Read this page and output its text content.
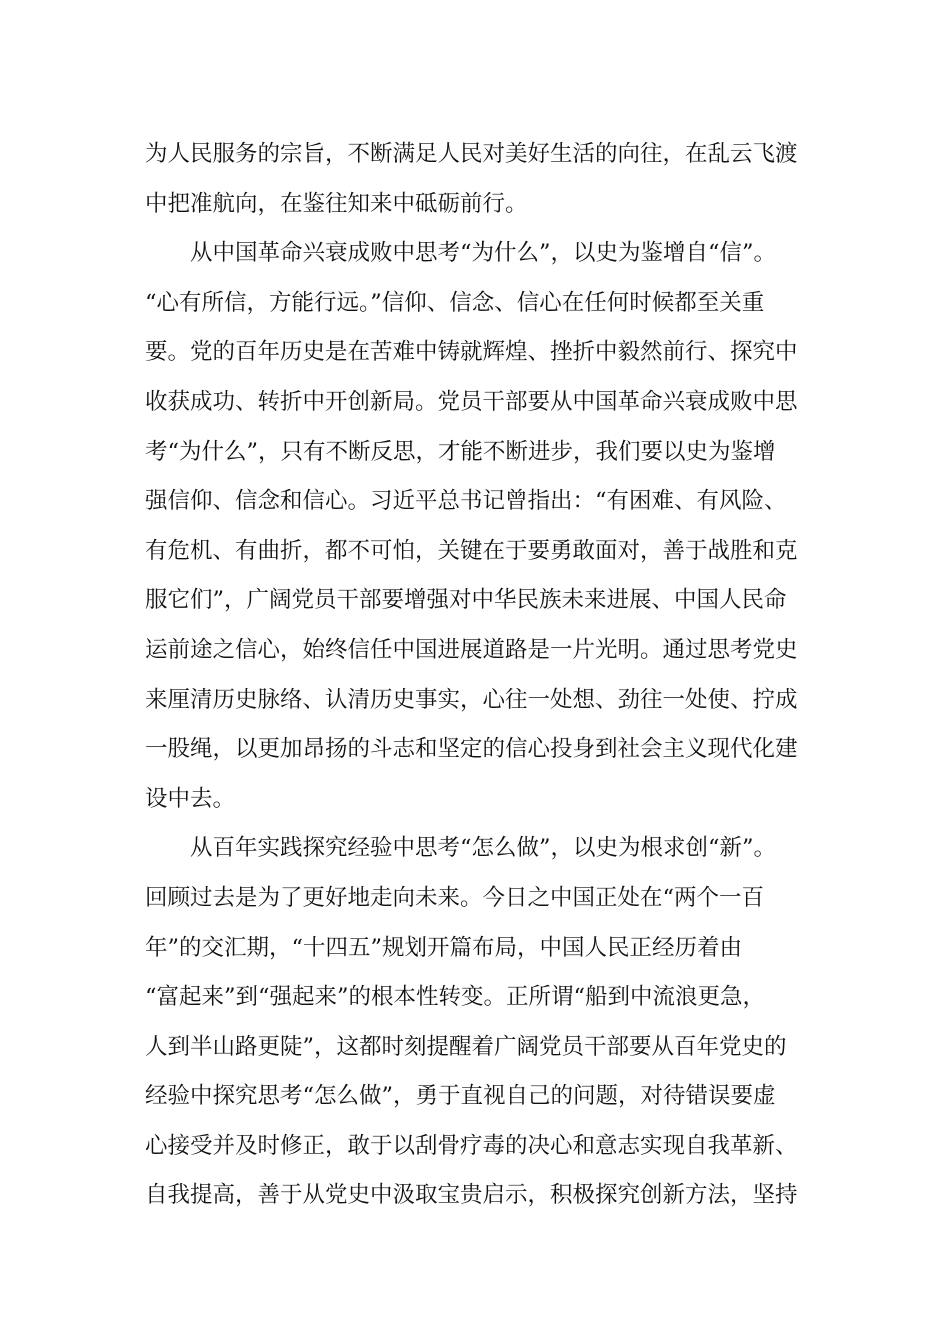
为人民服务的宗旨，不断满足人民对美好生活的向往，在乱云飞渡
中把准航向，在鉴往知来中砥砺前行。
从中国革命兴衰成败中思考“为什么”，以史为鉴增自“信”。
“心有所信，方能行远。”信仰、信念、信心在任何时候都至关重
要。党的百年历史是在苦难中铸就辉煌、挫折中毅然前行、探究中
收获成功、转折中开创新局。党员干部要从中国革命兴衰成败中思
考“为什么”，只有不断反思，才能不断进步，我们要以史为鉴增
强信仰、信念和信心。习近平总书记曾指出：“有困难、有风险、
有危机、有曲折，都不可怕，关键在于要勇敢面对，善于战胜和克
服它们”，广阔党员干部要增强对中华民族未来进展、中国人民命
运前途之信心，始终信任中国进展道路是一片光明。通过思考党史
来厘清历史脉络、认清历史事实，心往一处想、劲往一处使、拧成
一股绳，以更加昂扬的斗志和坚定的信心投身到社会主义现代化建
设中去。
从百年实践探究经验中思考“怎么做”，以史为根求创“新”。
回顾过去是为了更好地走向未来。今日之中国正处在“两个一百
年”的交汇期，“十四五”规划开篇布局，中国人民正经历着由
“富起来”到“强起来”的根本性转变。正所谓“船到中流浪更急，
人到半山路更陡”，这都时刻提醒着广阔党员干部要从百年党史的
经验中探究思考“怎么做”，勇于直视自己的问题，对待错误要虚
心接受并及时修正，敢于以刮骨疗毒的决心和意志实现自我革新、
自我提高，善于从党史中汲取宝贵启示，积极探究创新方法，坚持
